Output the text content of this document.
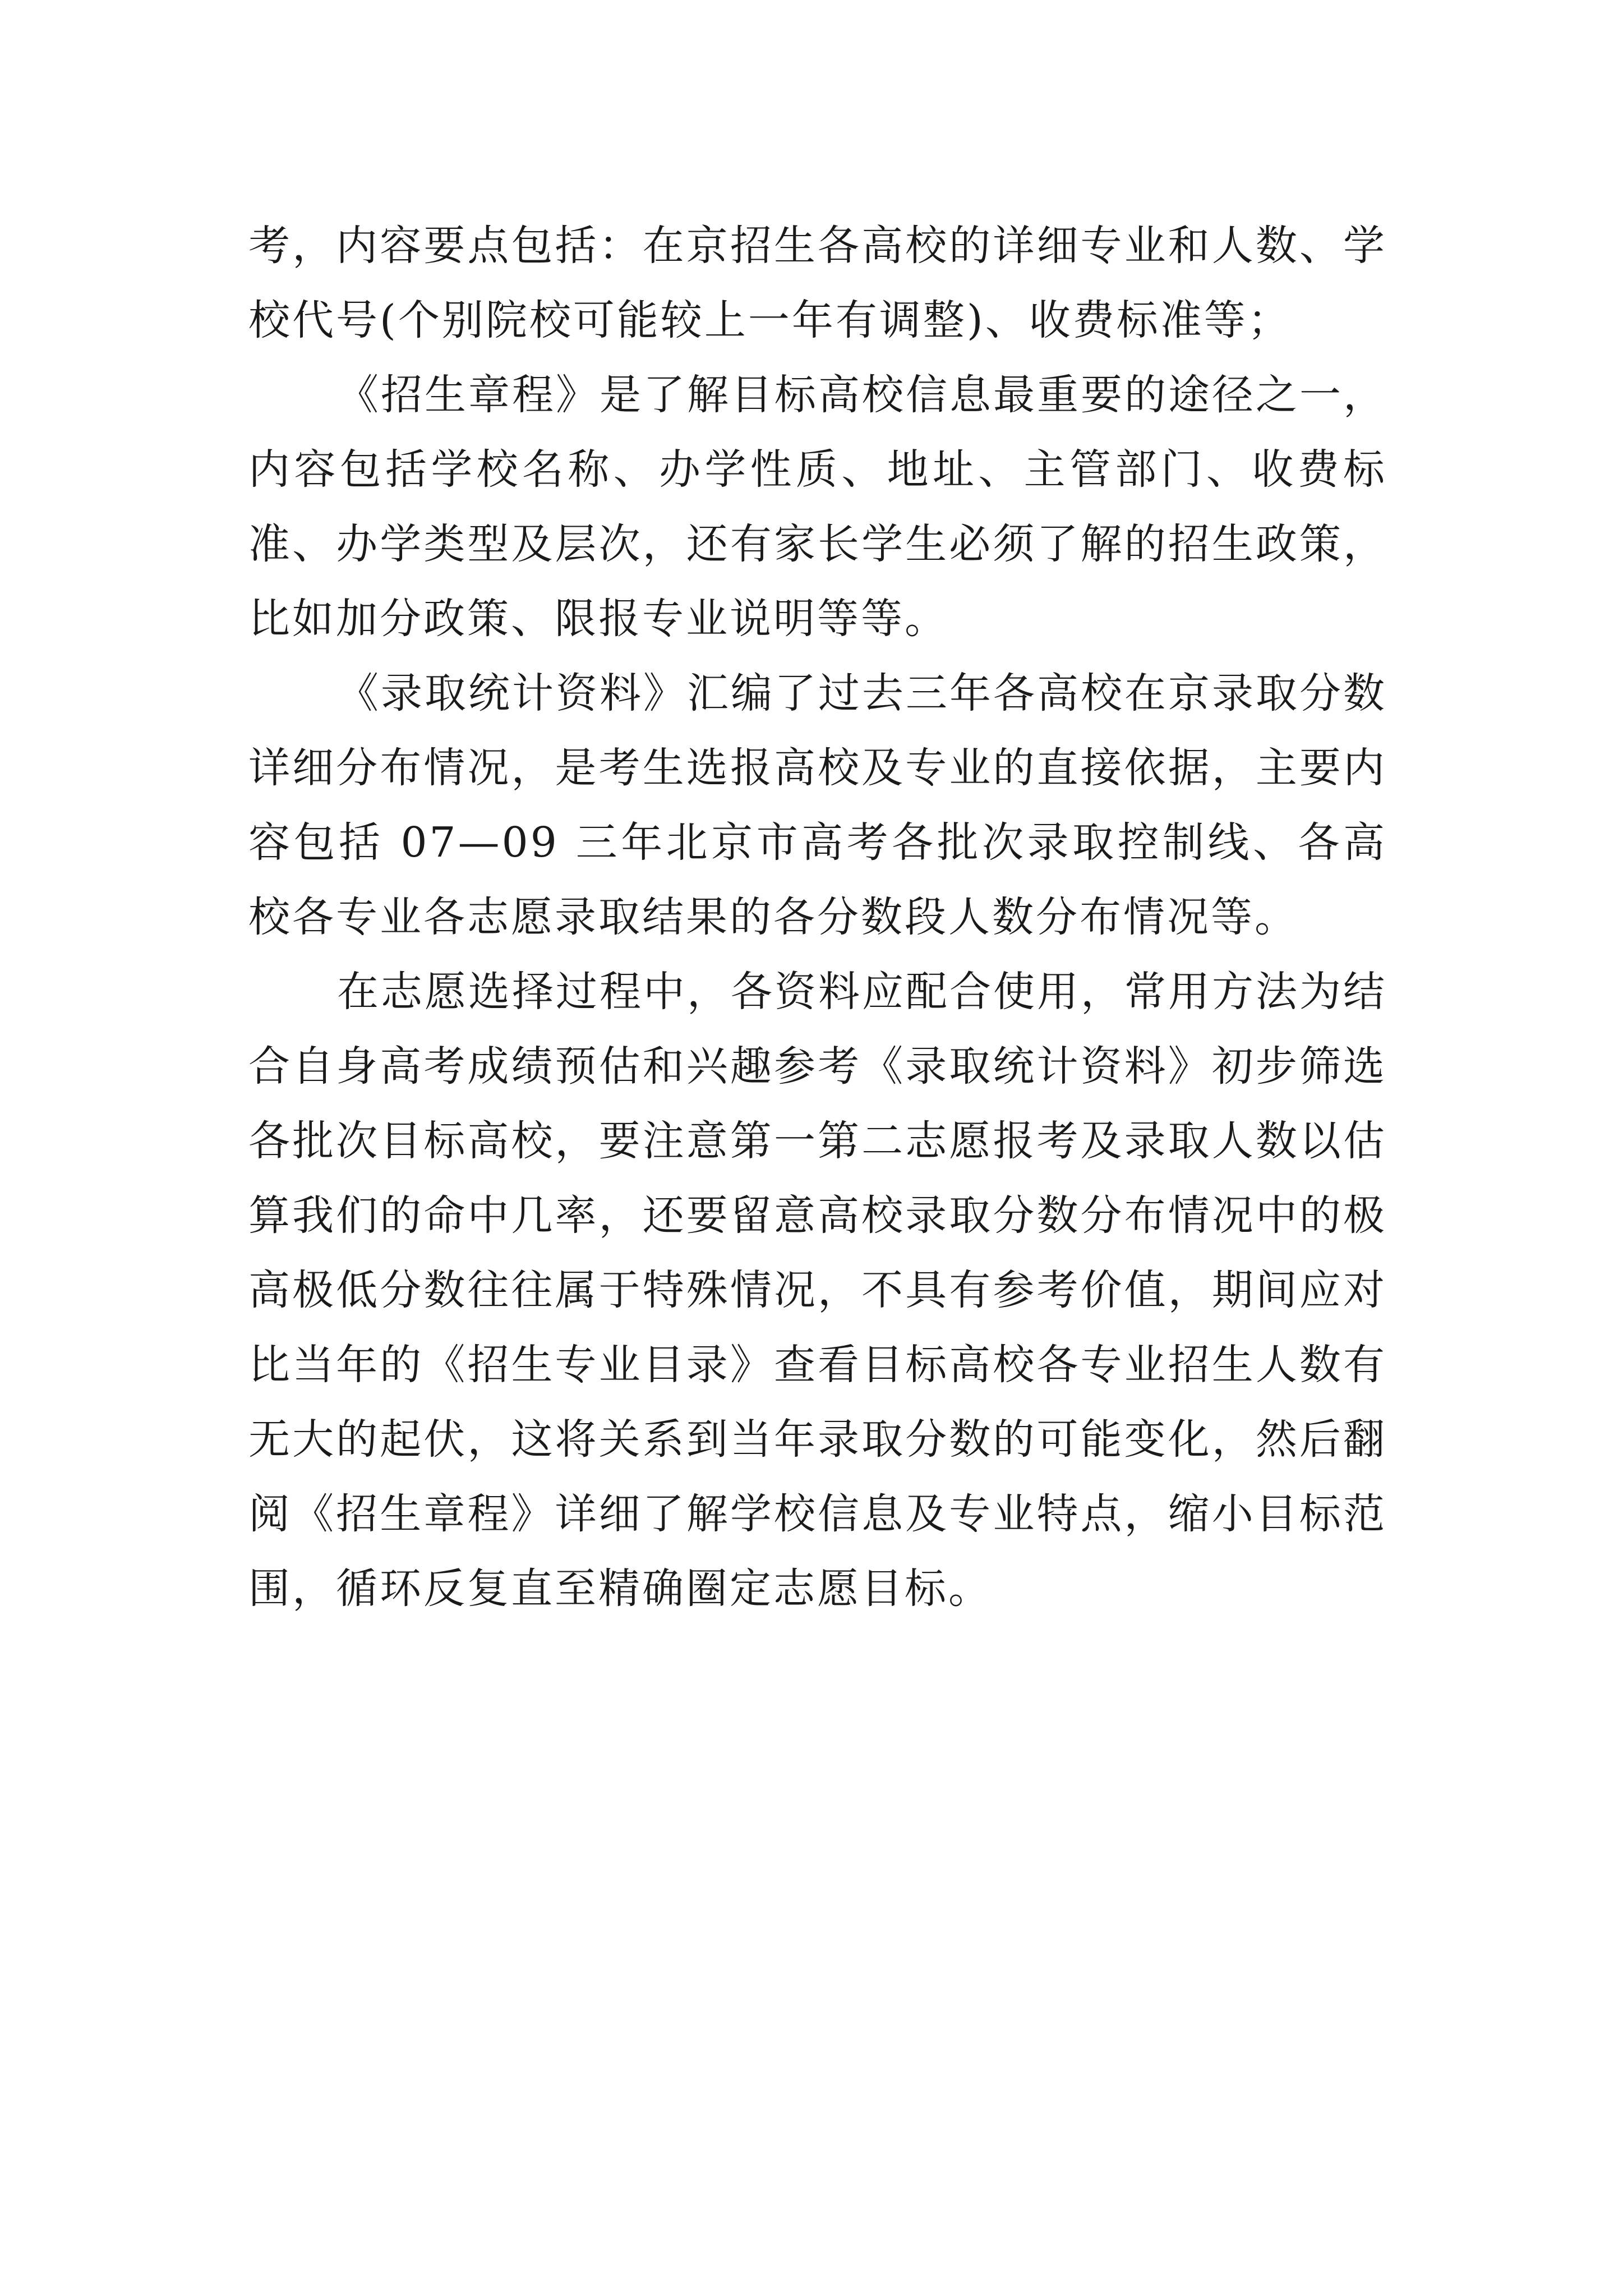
考，内容要点包括：在京招生各高校的详细专业和人数、学校代号(个别院校可能较上一年有调整)、收费标准等；

《招生章程》是了解目标高校信息最重要的途径之一，内容包括学校名称、办学性质、地址、主管部门、收费标准、办学类型及层次，还有家长学生必须了解的招生政策，比如加分政策、限报专业说明等等。

《录取统计资料》汇编了过去三年各高校在京录取分数详细分布情况，是考生选报高校及专业的直接依据，主要内容包括 07—09 三年北京市高考各批次录取控制线、各高校各专业各志愿录取结果的各分数段人数分布情况等。

在志愿选择过程中，各资料应配合使用，常用方法为结合自身高考成绩预估和兴趣参考《录取统计资料》初步筛选各批次目标高校，要注意第一第二志愿报考及录取人数以估算我们的命中几率，还要留意高校录取分数分布情况中的极高极低分数往往属于特殊情况，不具有参考价值，期间应对比当年的《招生专业目录》查看目标高校各专业招生人数有无大的起伏，这将关系到当年录取分数的可能变化，然后翻阅《招生章程》详细了解学校信息及专业特点，缩小目标范围，循环反复直至精确圈定志愿目标。
